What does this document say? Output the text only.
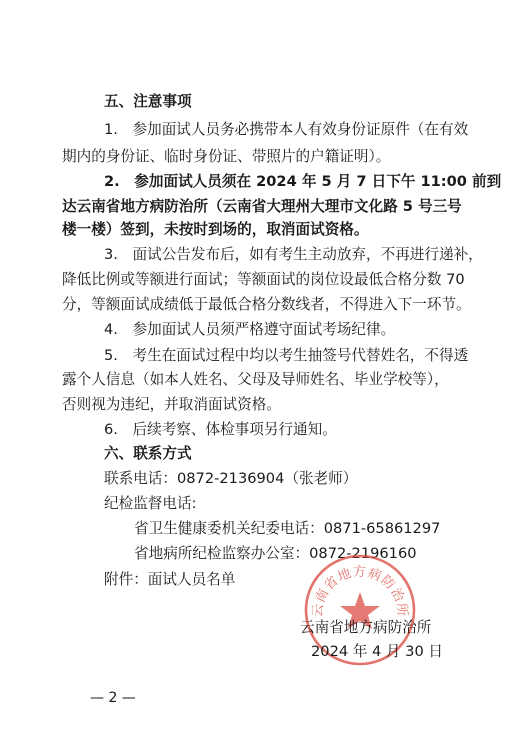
五、注意事项
1.　参加面试人员务必携带本人有效身份证原件（在有效
期内的身份证、临时身份证、带照片的户籍证明）。
2.　参加面试人员须在 2024 年 5 月 7 日下午 11:00 前到
达云南省地方病防治所（云南省大理州大理市文化路 5 号三号
楼一楼）签到，未按时到场的，取消面试资格。
3.　面试公告发布后，如有考生主动放弃，不再进行递补，
降低比例或等额进行面试；等额面试的岗位设最低合格分数 70
分，等额面试成绩低于最低合格分数线者，不得进入下一环节。
4.　参加面试人员须严格遵守面试考场纪律。
5.　考生在面试过程中均以考生抽签号代替姓名，不得透
露个人信息（如本人姓名、父母及导师姓名、毕业学校等），
否则视为违纪，并取消面试资格。
6.　后续考察、体检事项另行通知。
六、联系方式
联系电话：0872-2136904（张老师）
纪检监督电话:
省卫生健康委机关纪委电话：0871-65861297
省地病所纪检监察办公室：0872-2196160
附件：面试人员名单
云南省地方病防治所
云南省地方病防治所
2024 年 4 月 30 日
— 2 —
